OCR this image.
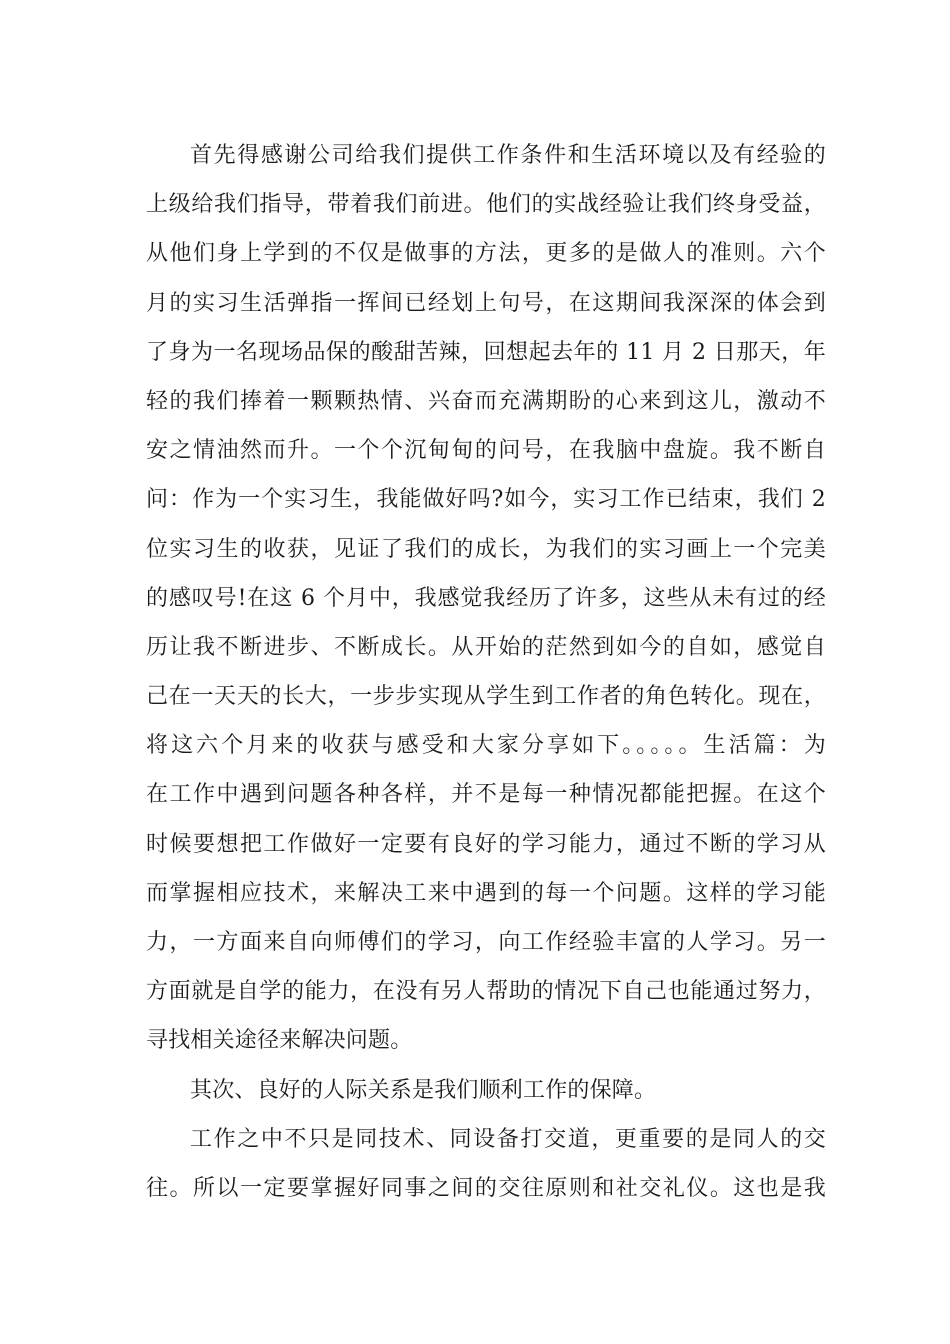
首先得感谢公司给我们提供工作条件和生活环境以及有经验的
上级给我们指导，带着我们前进。他们的实战经验让我们终身受益，
从他们身上学到的不仅是做事的方法，更多的是做人的准则。六个
月的实习生活弹指一挥间已经划上句号，在这期间我深深的体会到
了身为一名现场品保的酸甜苦辣，回想起去年的 11 月 2 日那天，年
轻的我们捧着一颗颗热情、兴奋而充满期盼的心来到这儿，激动不
安之情油然而升。一个个沉甸甸的问号，在我脑中盘旋。我不断自
问：作为一个实习生，我能做好吗?如今，实习工作已结束，我们 2
位实习生的收获，见证了我们的成长，为我们的实习画上一个完美
的感叹号!在这 6 个月中，我感觉我经历了许多，这些从未有过的经
历让我不断进步、不断成长。从开始的茫然到如今的自如，感觉自
己在一天天的长大，一步步实现从学生到工作者的角色转化。现在，
将这六个月来的收获与感受和大家分享如下。。。。。生活篇：为
在工作中遇到问题各种各样，并不是每一种情况都能把握。在这个
时候要想把工作做好一定要有良好的学习能力，通过不断的学习从
而掌握相应技术，来解决工来中遇到的每一个问题。这样的学习能
力，一方面来自向师傅们的学习，向工作经验丰富的人学习。另一
方面就是自学的能力，在没有另人帮助的情况下自己也能通过努力，
寻找相关途径来解决问题。
其次、良好的人际关系是我们顺利工作的保障。
工作之中不只是同技术、同设备打交道，更重要的是同人的交
往。所以一定要掌握好同事之间的交往原则和社交礼仪。这也是我
